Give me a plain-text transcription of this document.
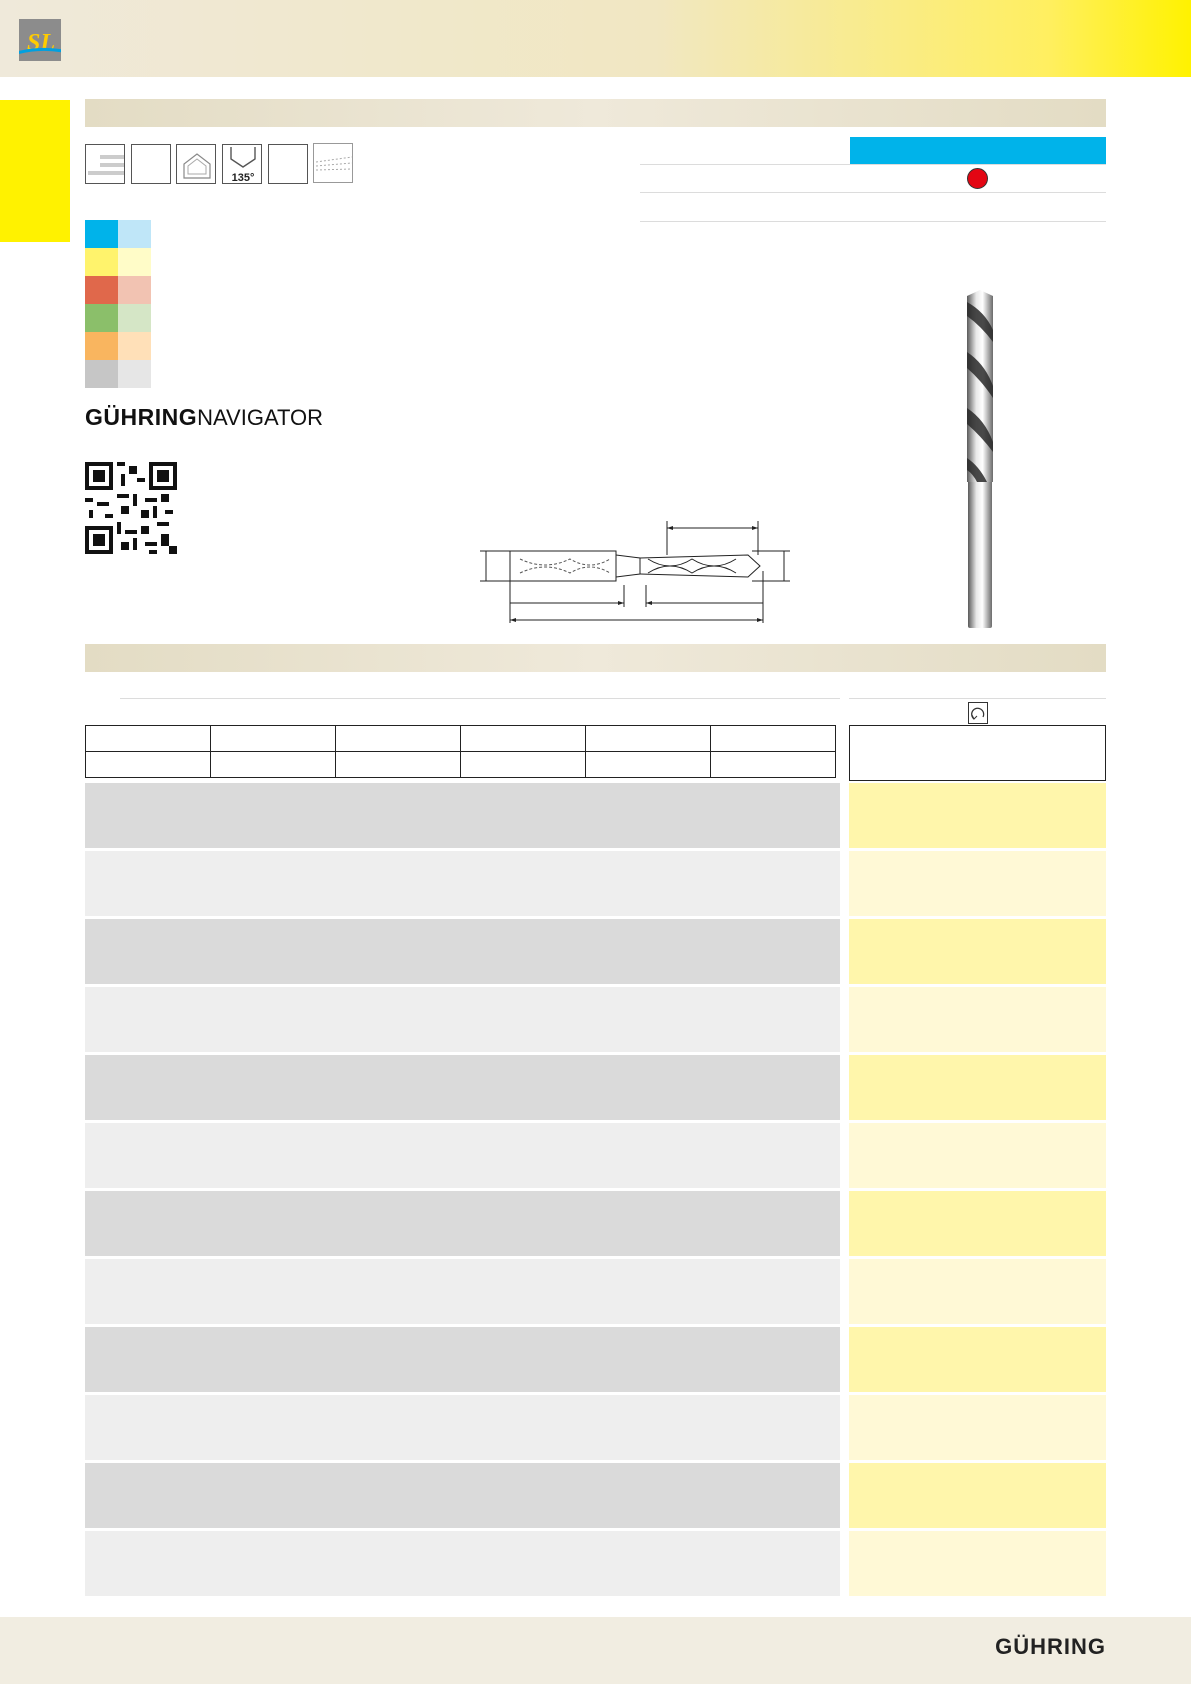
SL
135°
GÜHRINGNAVIGATOR

GÜHRING
